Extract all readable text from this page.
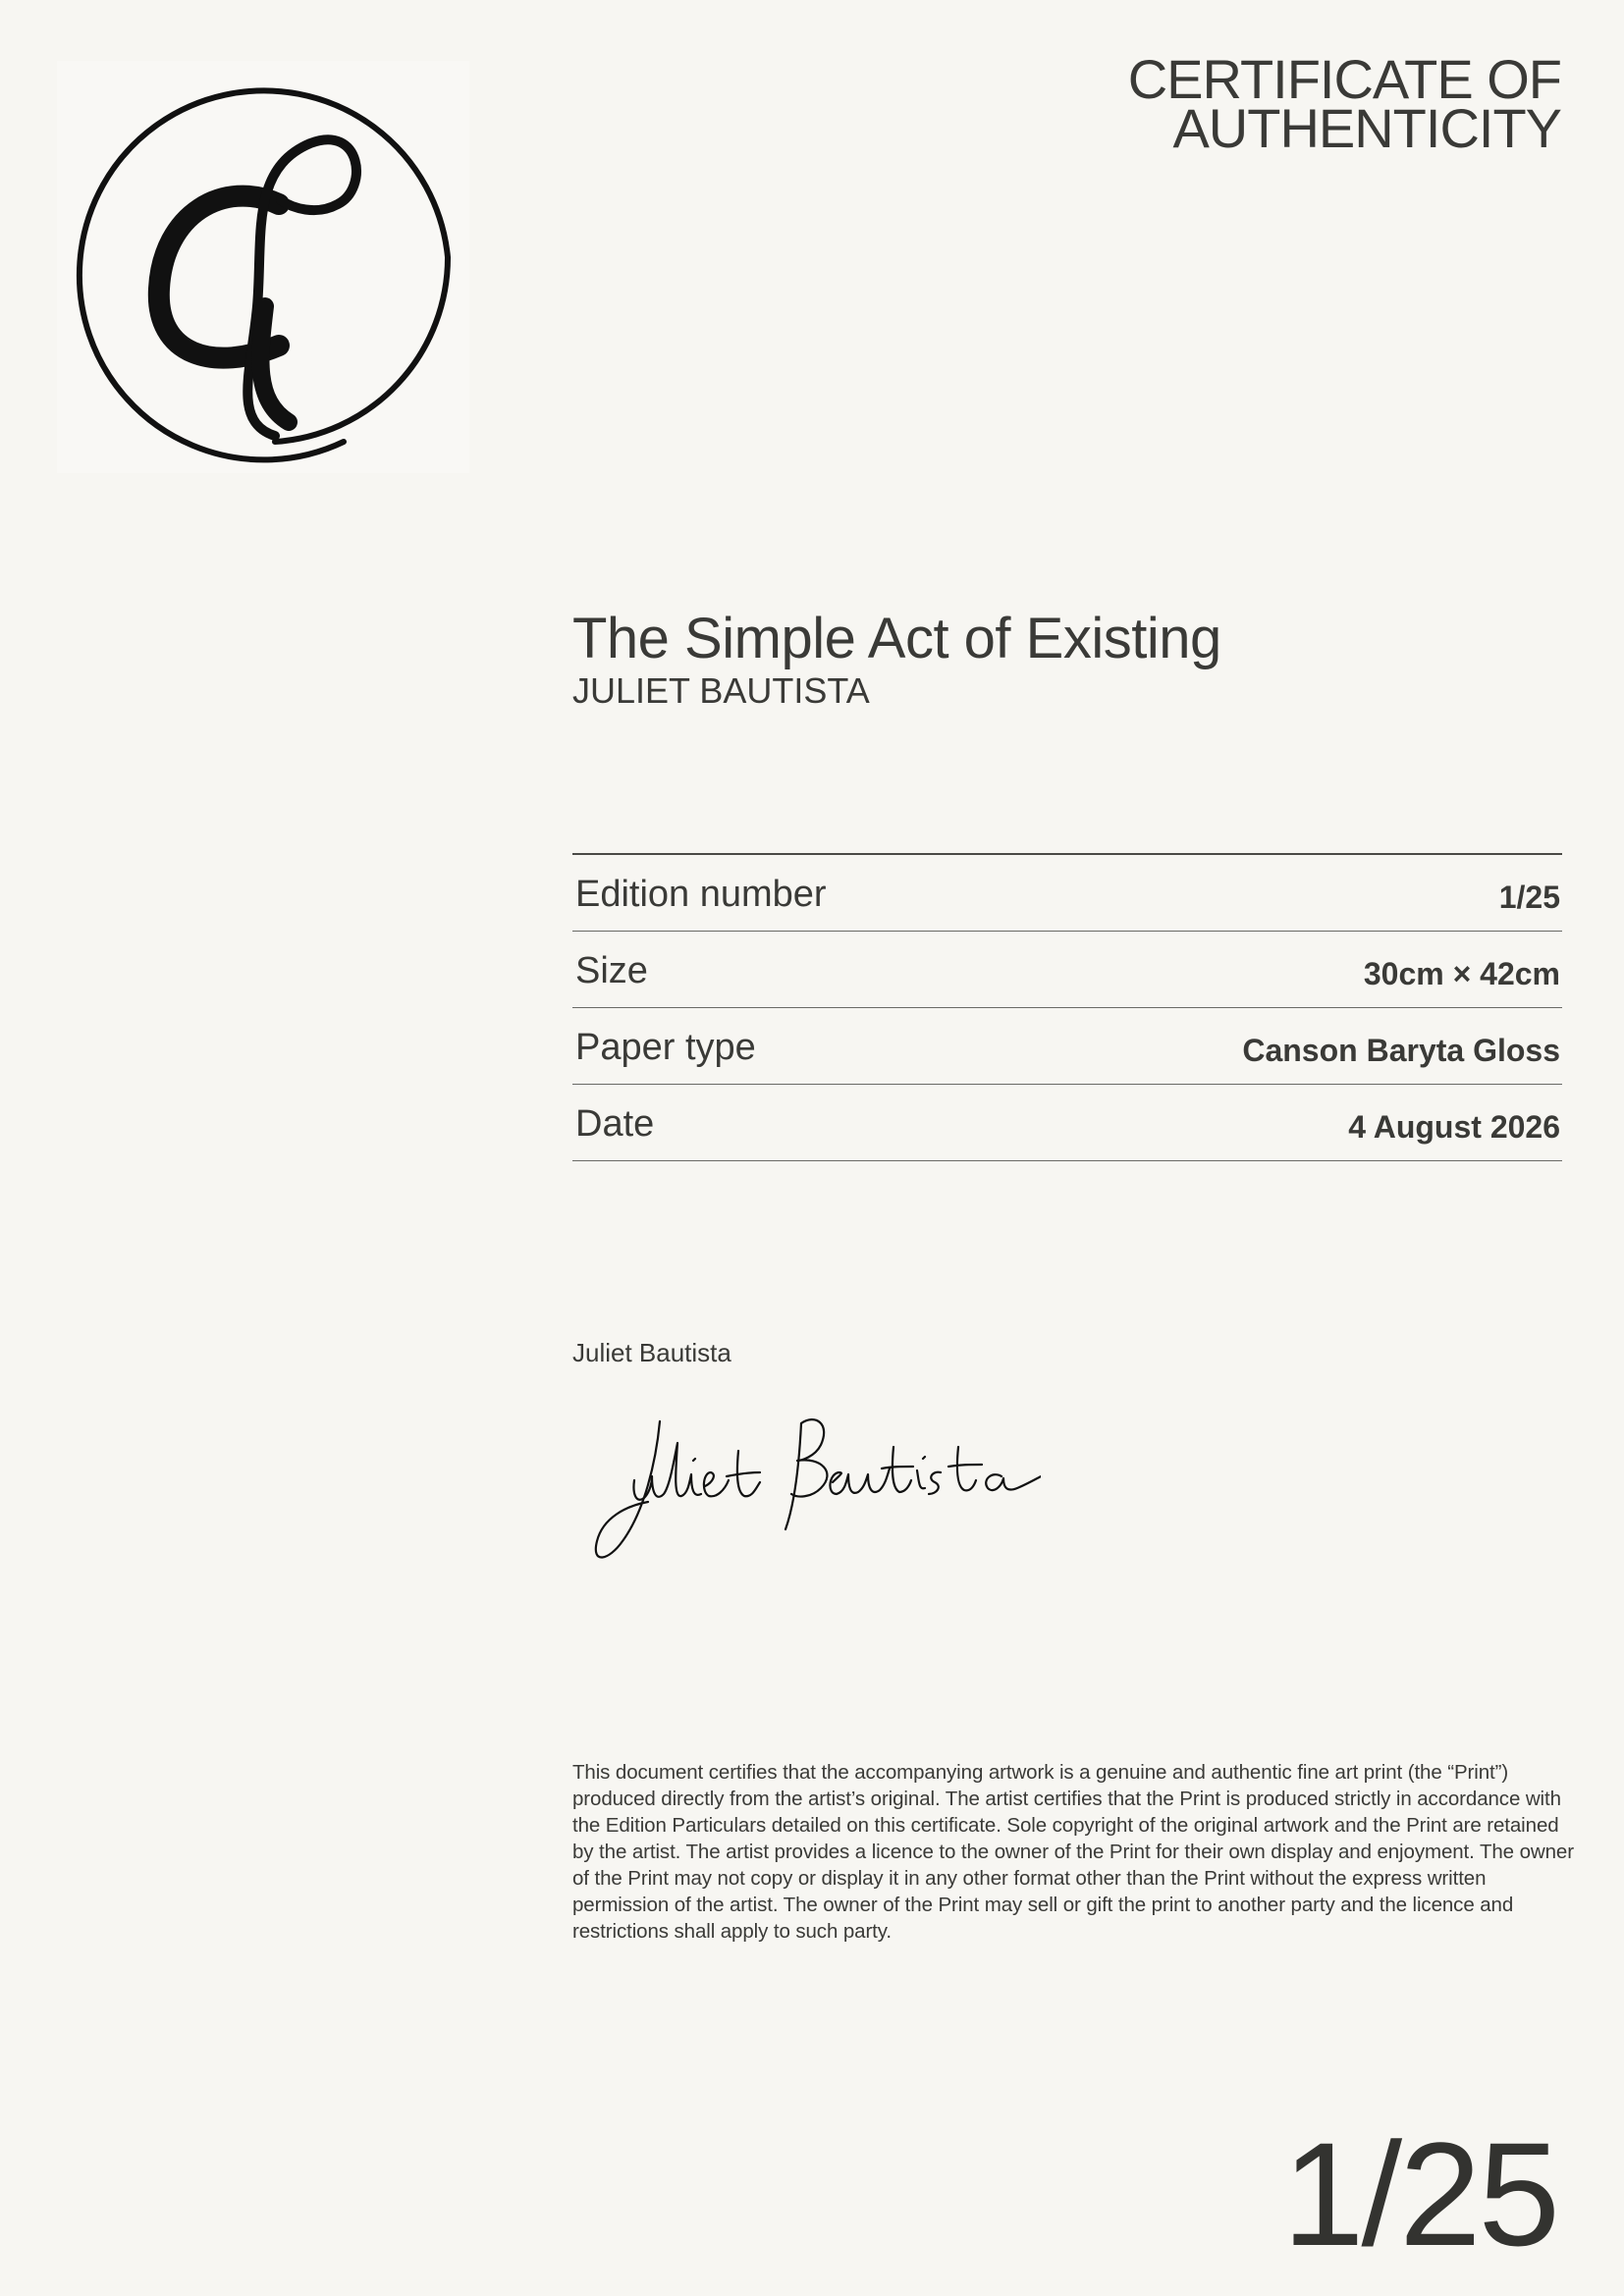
CERTIFICATE OF
AUTHENTICITY
The Simple Act of Existing
JULIET BAUTISTA
Edition number	1/25
Size	30cm × 42cm
Paper type	Canson Baryta Gloss
Date	4 August 2026
Juliet Bautista
This document certifies that the accompanying artwork is a genuine and authentic fine art print (the “Print”) produced directly from the artist’s original. The artist certifies that the Print is produced strictly in accordance with the Edition Particulars detailed on this certificate. Sole copyright of the original artwork and the Print are retained by the artist. The artist provides a licence to the owner of the Print for their own display and enjoyment. The owner of the Print may not copy or display it in any other format other than the Print without the express written permission of the artist. The owner of the Print may sell or gift the print to another party and the licence and restrictions shall apply to such party.
1/25
